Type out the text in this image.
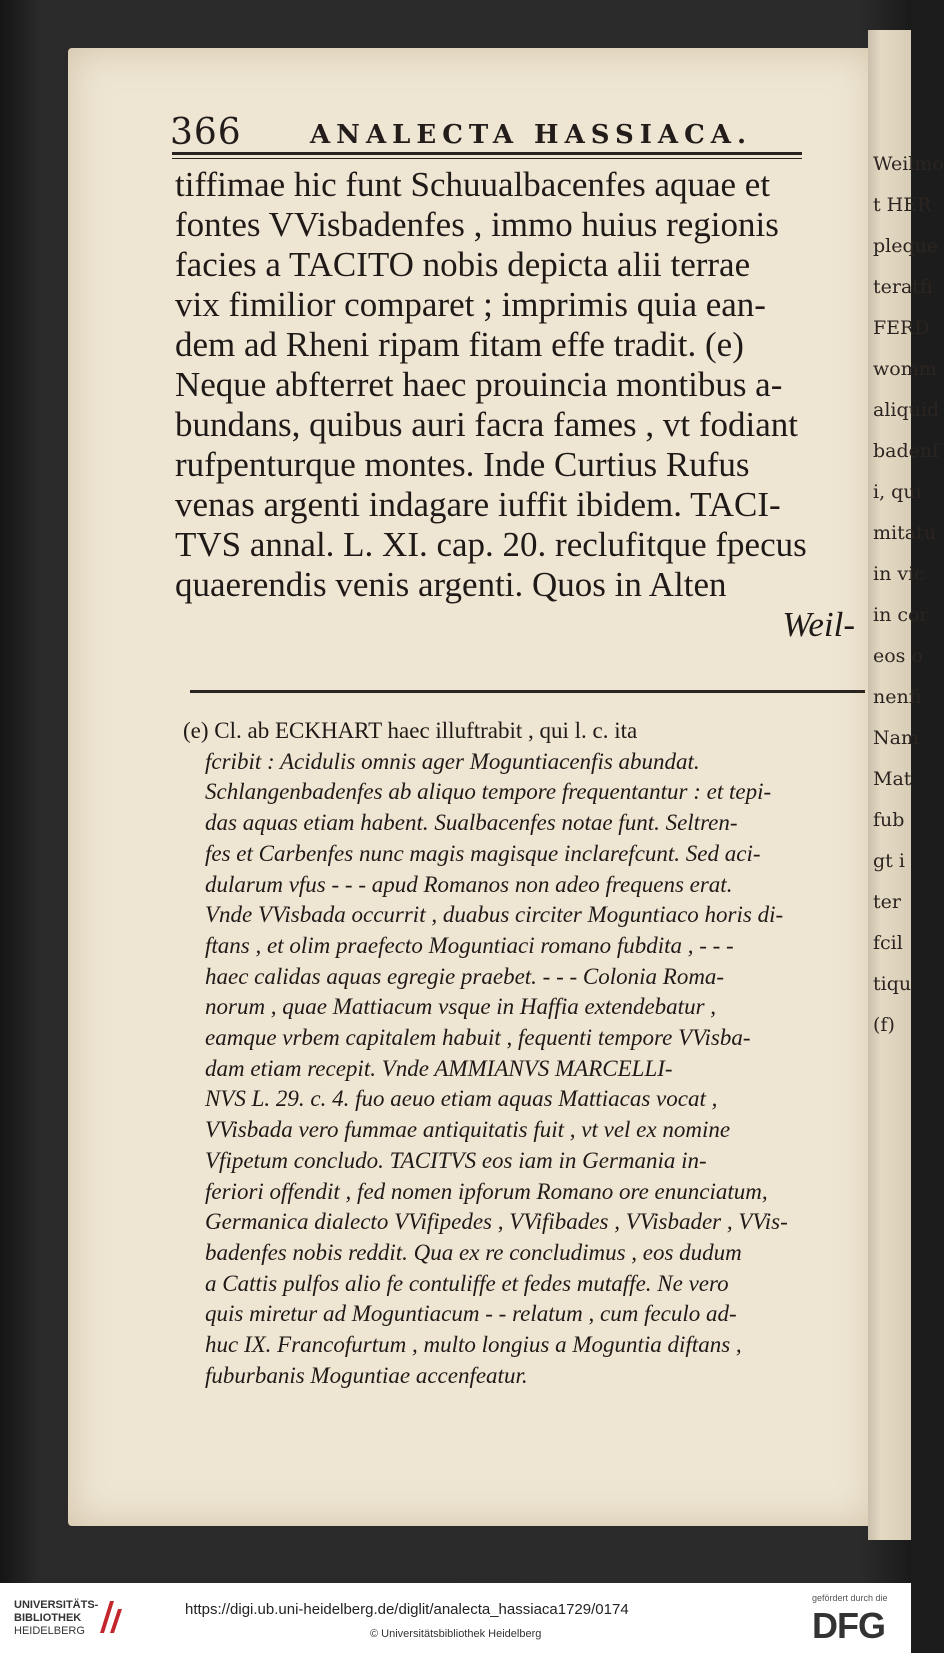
Weilmo
t HER
pleque
teratfi
FERD
womm
aliquid
badenf
i, qui
mitatu
in vic
in cor
eos o
nenfi
Nam
Mat
fub
gt i
ter
fcil
tiqu
(f)
366	ANALECTA HASSIACA.
tiffimae hic funt Schuualbacenfes aquae et
fontes VVisbadenfes , immo huius regionis
facies a TACITO nobis depicta alii terrae
vix fimilior comparet ; imprimis quia ean-
dem ad Rheni ripam fitam effe tradit. (e)
Neque abfterret haec prouincia montibus a-
bundans, quibus auri facra fames , vt fodiant
rufpenturque montes. Inde Curtius Rufus
venas argenti indagare iuffit ibidem. TACI-
TVS annal. L. XI. cap. 20. reclufitque fpecus
quaerendis venis argenti. Quos in Alten
Weil-
(e) Cl. ab ECKHART haec illuftrabit , qui l. c. ita
fcribit : Acidulis omnis ager Moguntiacenfis abundat.
Schlangenbadenfes ab aliquo tempore frequentantur : et tepi-
das aquas etiam habent. Sualbacenfes notae funt. Seltren-
fes et Carbenfes nunc magis magisque inclarefcunt. Sed aci-
dularum vfus - - - apud Romanos non adeo frequens erat.
Vnde VVisbada occurrit , duabus circiter Moguntiaco horis di-
ftans , et olim praefecto Moguntiaci romano fubdita , - - -
haec calidas aquas egregie praebet. - - - Colonia Roma-
norum , quae Mattiacum vsque in Haffia extendebatur ,
eamque vrbem capitalem habuit , fequenti tempore VVisba-
dam etiam recepit. Vnde AMMIANVS MARCELLI-
NVS L. 29. c. 4. fuo aeuo etiam aquas Mattiacas vocat ,
VVisbada vero fummae antiquitatis fuit , vt vel ex nomine
Vfipetum concludo. TACITVS eos iam in Germania in-
feriori offendit , fed nomen ipforum Romano ore enunciatum,
Germanica dialecto VVifipedes , VVifibades , VVisbader , VVis-
badenfes nobis reddit. Qua ex re concludimus , eos dudum
a Cattis pulfos alio fe contuliffe et fedes mutaffe. Ne vero
quis miretur ad Moguntiacum - - relatum , cum feculo ad-
huc IX. Francofurtum , multo longius a Moguntia diftans ,
fuburbanis Moguntiae accenfeatur.
UNIVERSITÄTS-
BIBLIOTHEK
HEIDELBERG
https://digi.ub.uni-heidelberg.de/diglit/analecta_hassiaca1729/0174
© Universitätsbibliothek Heidelberg
gefördert durch die
DFG
